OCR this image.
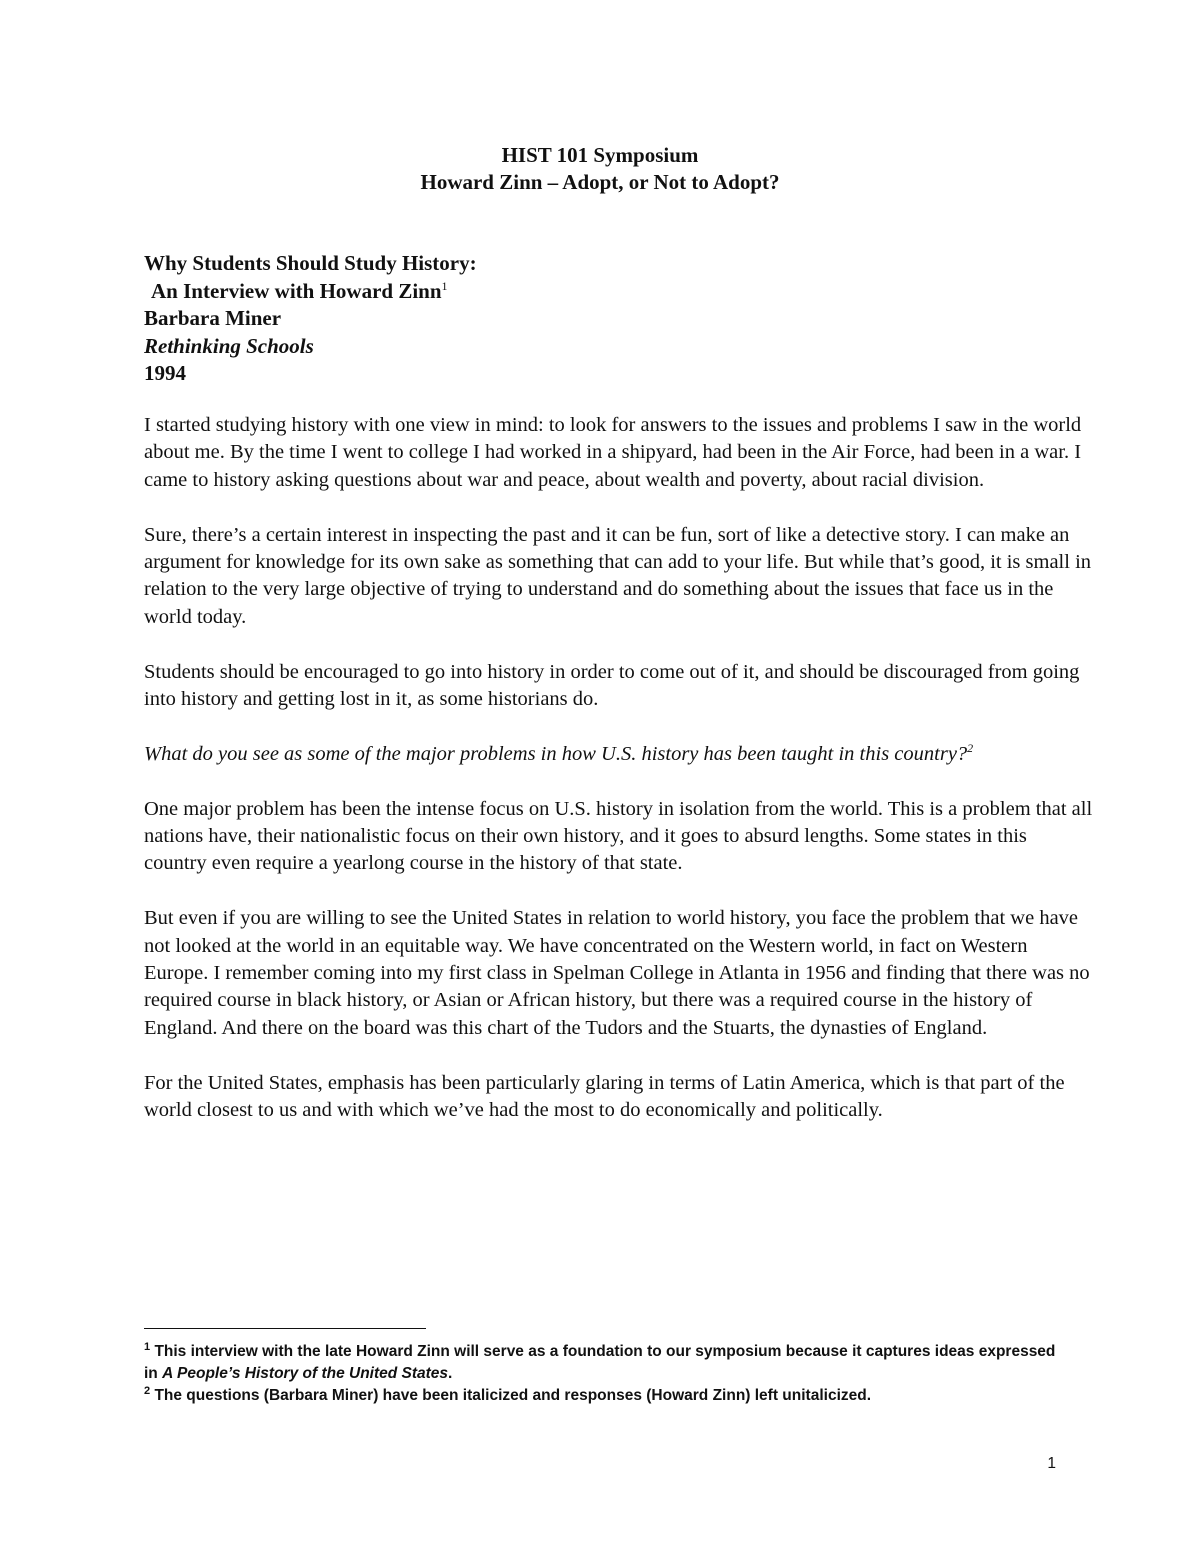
HIST 101 Symposium
Howard Zinn – Adopt, or Not to Adopt?
Why Students Should Study History:
An Interview with Howard Zinn$^1$
Barbara Miner
Rethinking Schools
1994

I started studying history with one view in mind: to look for answers to the issues and problems I saw in the world about me. By the time I went to college I had worked in a shipyard, had been in the Air Force, had been in a war. I came to history asking questions about war and peace, about wealth and poverty, about racial division.

Sure, there’s a certain interest in inspecting the past and it can be fun, sort of like a detective story. I can make an argument for knowledge for its own sake as something that can add to your life. But while that’s good, it is small in relation to the very large objective of trying to understand and do something about the issues that face us in the world today.

Students should be encouraged to go into history in order to come out of it, and should be discouraged from going into history and getting lost in it, as some historians do.

What do you see as some of the major problems in how U.S. history has been taught in this country?$^2$

One major problem has been the intense focus on U.S. history in isolation from the world. This is a problem that all nations have, their nationalistic focus on their own history, and it goes to absurd lengths. Some states in this country even require a yearlong course in the history of that state.

But even if you are willing to see the United States in relation to world history, you face the problem that we have not looked at the world in an equitable way. We have concentrated on the Western world, in fact on Western Europe. I remember coming into my first class in Spelman College in Atlanta in 1956 and finding that there was no required course in black history, or Asian or African history, but there was a required course in the history of England. And there on the board was this chart of the Tudors and the Stuarts, the dynasties of England.

For the United States, emphasis has been particularly glaring in terms of Latin America, which is that part of the world closest to us and with which we’ve had the most to do economically and politically.

$^1$ This interview with the late Howard Zinn will serve as a foundation to our symposium because it captures ideas expressed in A People’s History of the United States.

$^2$ The questions (Barbara Miner) have been italicized and responses (Howard Zinn) left unitalicized.

1
